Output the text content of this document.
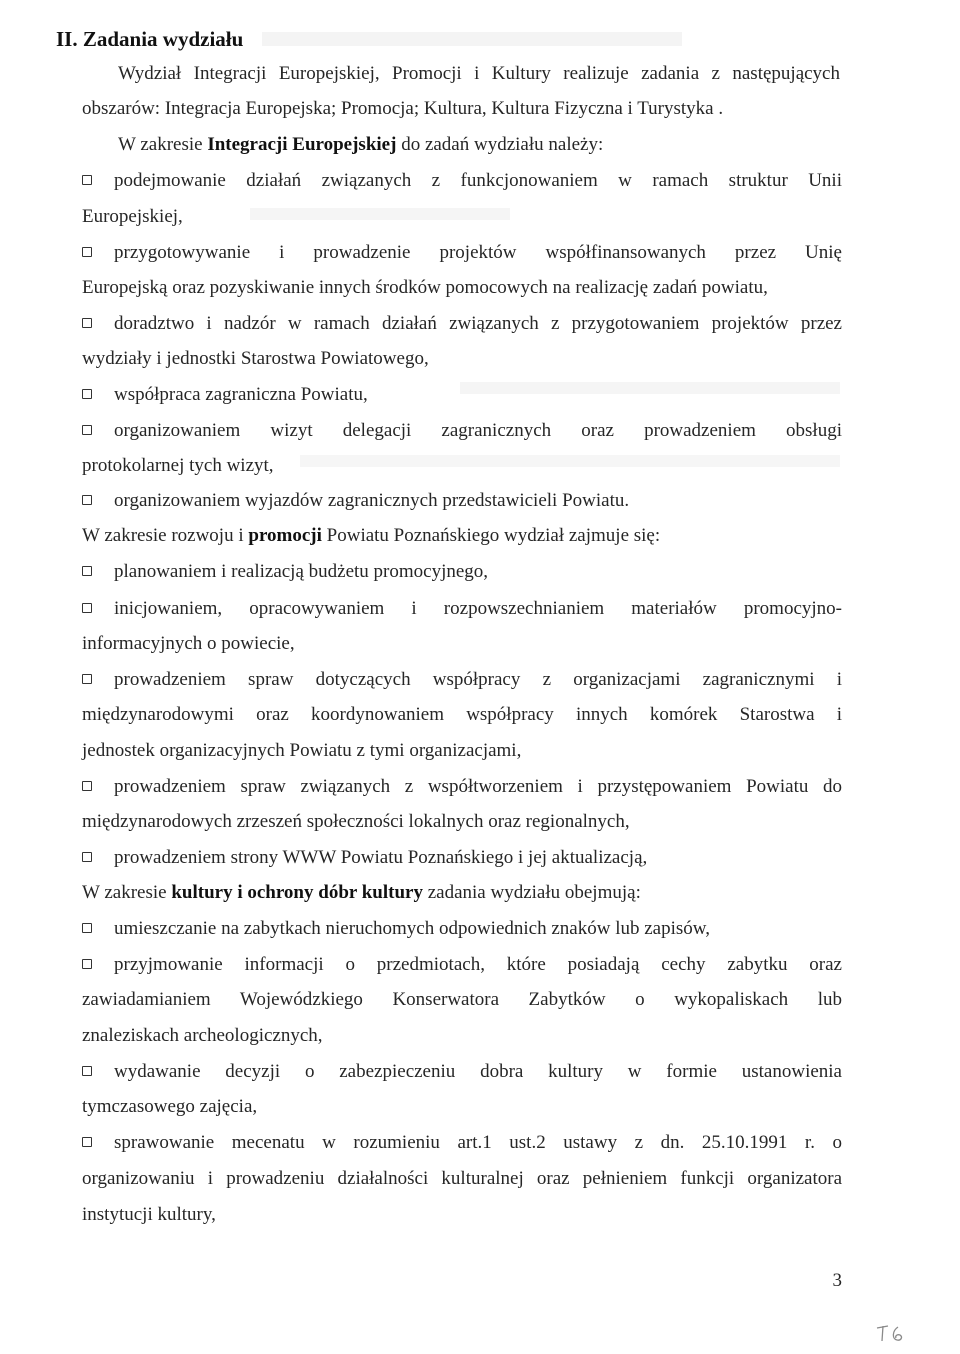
II. Zadania wydziału
Wydział Integracji Europejskiej, Promocji i Kultury realizuje zadania z następujących
obszarów: Integracja Europejska; Promocja; Kultura, Kultura Fizyczna i Turystyka .
W zakresie Integracji Europejskiej do zadań wydziału należy:
podejmowanie działań związanych z funkcjonowaniem w ramach struktur Unii
Europejskiej,
przygotowywanie i prowadzenie projektów współfinansowanych przez Unię
Europejską oraz pozyskiwanie innych środków pomocowych na realizację zadań powiatu,
doradztwo i nadzór w ramach działań związanych z przygotowaniem projektów przez
wydziały i jednostki Starostwa Powiatowego,
współpraca zagraniczna Powiatu,
organizowaniem wizyt delegacji zagranicznych oraz prowadzeniem obsługi
protokolarnej tych wizyt,
organizowaniem wyjazdów zagranicznych przedstawicieli Powiatu.
W zakresie rozwoju i promocji Powiatu Poznańskiego wydział zajmuje się:
planowaniem i realizacją budżetu promocyjnego,
inicjowaniem, opracowywaniem i rozpowszechnianiem materiałów promocyjno-
informacyjnych o powiecie,
prowadzeniem spraw dotyczących współpracy z organizacjami zagranicznymi i
międzynarodowymi oraz koordynowaniem współpracy innych komórek Starostwa i
jednostek organizacyjnych Powiatu z tymi organizacjami,
prowadzeniem spraw związanych z współtworzeniem i przystępowaniem Powiatu do
międzynarodowych zrzeszeń społeczności lokalnych oraz regionalnych,
prowadzeniem strony WWW Powiatu Poznańskiego i jej aktualizacją,
W zakresie kultury i ochrony dóbr kultury zadania wydziału obejmują:
umieszczanie na zabytkach nieruchomych odpowiednich znaków lub zapisów,
przyjmowanie informacji o przedmiotach, które posiadają cechy zabytku oraz
zawiadamianiem Wojewódzkiego Konserwatora Zabytków o wykopaliskach lub
znaleziskach archeologicznych,
wydawanie decyzji o zabezpieczeniu dobra kultury w formie ustanowienia
tymczasowego zajęcia,
sprawowanie mecenatu w rozumieniu art.1 ust.2 ustawy z dn. 25.10.1991 r. o
organizowaniu i prowadzeniu działalności kulturalnej oraz pełnieniem funkcji organizatora
instytucji kultury,
3
